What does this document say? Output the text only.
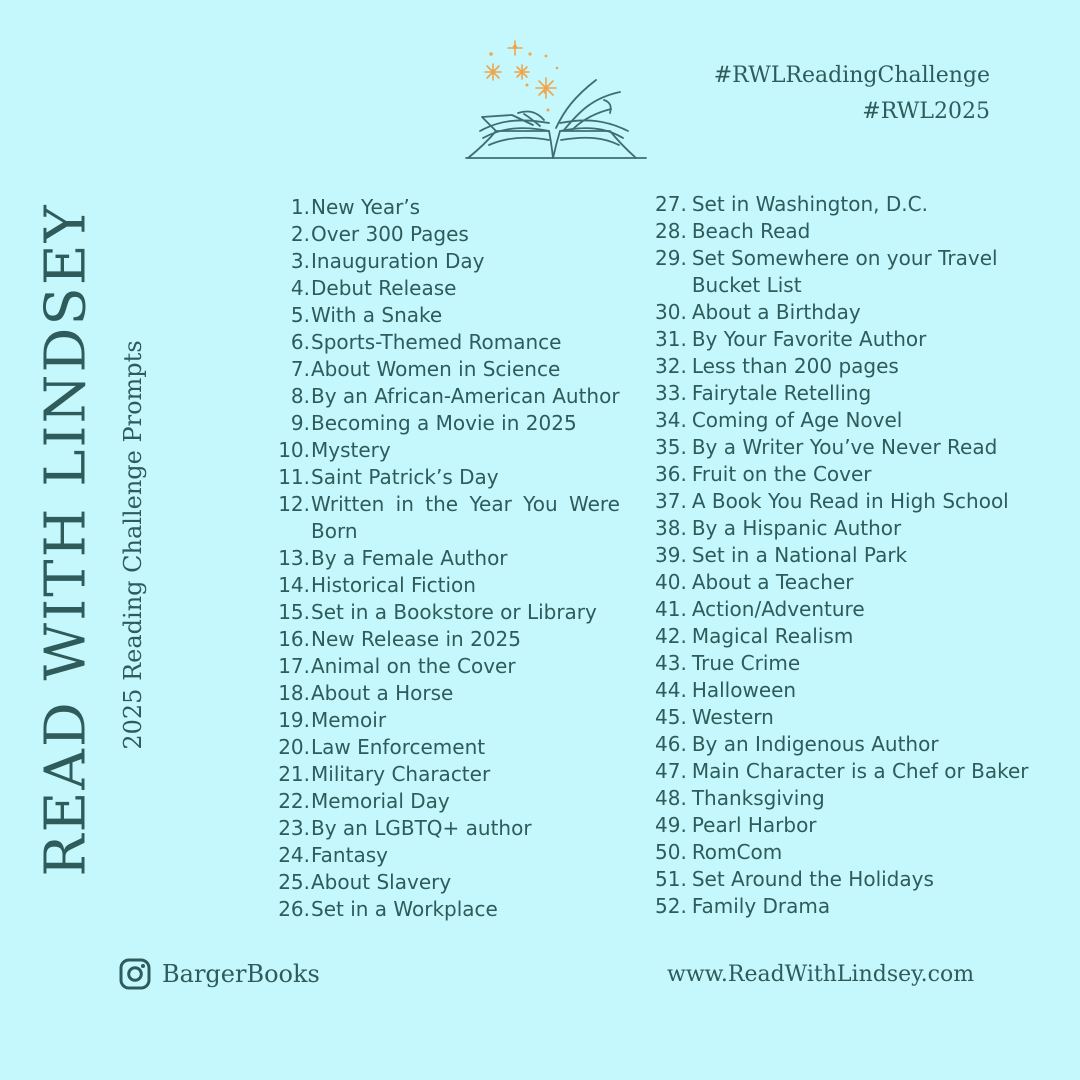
READ WITH LINDSEY 2025 Reading Challenge Prompts
#RWLReadingChallenge
#RWL2025
1. New Year’s
2. Over 300 Pages
3. Inauguration Day
4. Debut Release
5. With a Snake
6. Sports-Themed Romance
7. About Women in Science
8. By an African-American Author
9. Becoming a Movie in 2025
10. Mystery
11. Saint Patrick’s Day
12. Written in the Year You Were Born
13. By a Female Author
14. Historical Fiction
15. Set in a Bookstore or Library
16. New Release in 2025
17. Animal on the Cover
18. About a Horse
19. Memoir
20. Law Enforcement
21. Military Character
22. Memorial Day
23. By an LGBTQ+ author
24. Fantasy
25. About Slavery
26. Set in a Workplace
27. Set in Washington, D.C.
28. Beach Read
29. Set Somewhere on your Travel Bucket List
30. About a Birthday
31. By Your Favorite Author
32. Less than 200 pages
33. Fairytale Retelling
34. Coming of Age Novel
35. By a Writer You’ve Never Read
36. Fruit on the Cover
37. A Book You Read in High School
38. By a Hispanic Author
39. Set in a National Park
40. About a Teacher
41. Action/Adventure
42. Magical Realism
43. True Crime
44. Halloween
45. Western
46. By an Indigenous Author
47. Main Character is a Chef or Baker
48. Thanksgiving
49. Pearl Harbor
50. RomCom
51. Set Around the Holidays
52. Family Drama
BargerBooks	www.ReadWithLindsey.com
